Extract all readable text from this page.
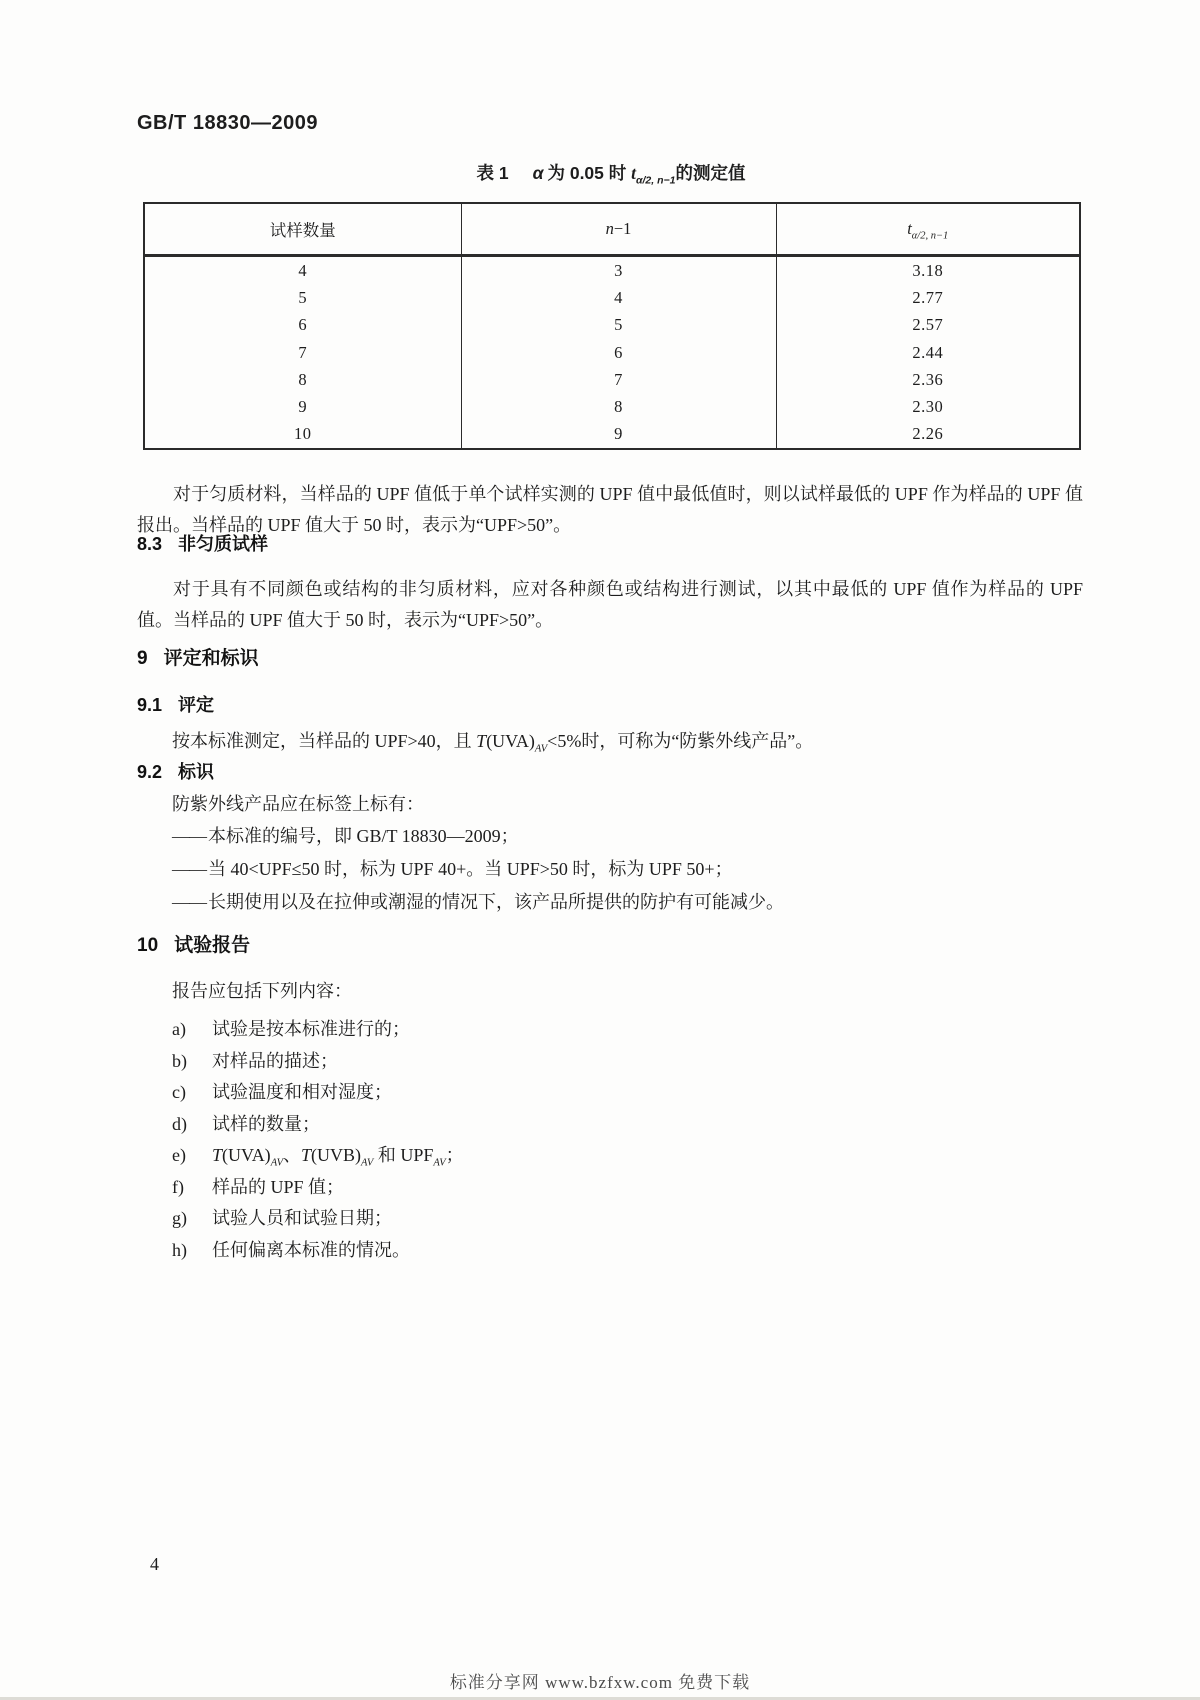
GB/T 18830—2009
表 1 α 为 0.05 时 $t_{\alpha/2, n-1}$的测定值
试样数量	n−1	$t_{\alpha/2, n-1}$
4	3	3.18
5	4	2.77
6	5	2.57
7	6	2.44
8	7	2.36
9	8	2.30
10	9	2.26

对于匀质材料，当样品的 UPF 值低于单个试样实测的 UPF 值中最低值时，则以试样最低的 UPF 作为样品的 UPF 值报出。当样品的 UPF 值大于 50 时，表示为“UPF>50”。

8.3 非匀质试样

对于具有不同颜色或结构的非匀质材料，应对各种颜色或结构进行测试，以其中最低的 UPF 值作为样品的 UPF 值。当样品的 UPF 值大于 50 时，表示为“UPF>50”。

9 评定和标识
9.1 评定
按本标准测定，当样品的 UPF>40，且 $T(UVA)_{AV}<5\%$时，可称为“防紫外线产品”。
9.2 标识
防紫外线产品应在标签上标有：
—— 本标准的编号，即 GB/T 18830—2009；
—— 当 40<UPF≤50 时，标为 UPF 40+。当 UPF>50 时，标为 UPF 50+；
—— 长期使用以及在拉伸或潮湿的情况下，该产品所提供的防护有可能减少。
10 试验报告
报告应包括下列内容：
a) 试验是按本标准进行的；
b) 对样品的描述；
c) 试验温度和相对湿度；
d) 试样的数量；
e) $T(UVA)_{AV}$、$T(UVB)_{AV}$ 和 $UPF_{AV}$；
f) 样品的 UPF 值；
g) 试验人员和试验日期；
h) 任何偏离本标准的情况。
4
标准分享网 www.bzfxw.com 免费下载
